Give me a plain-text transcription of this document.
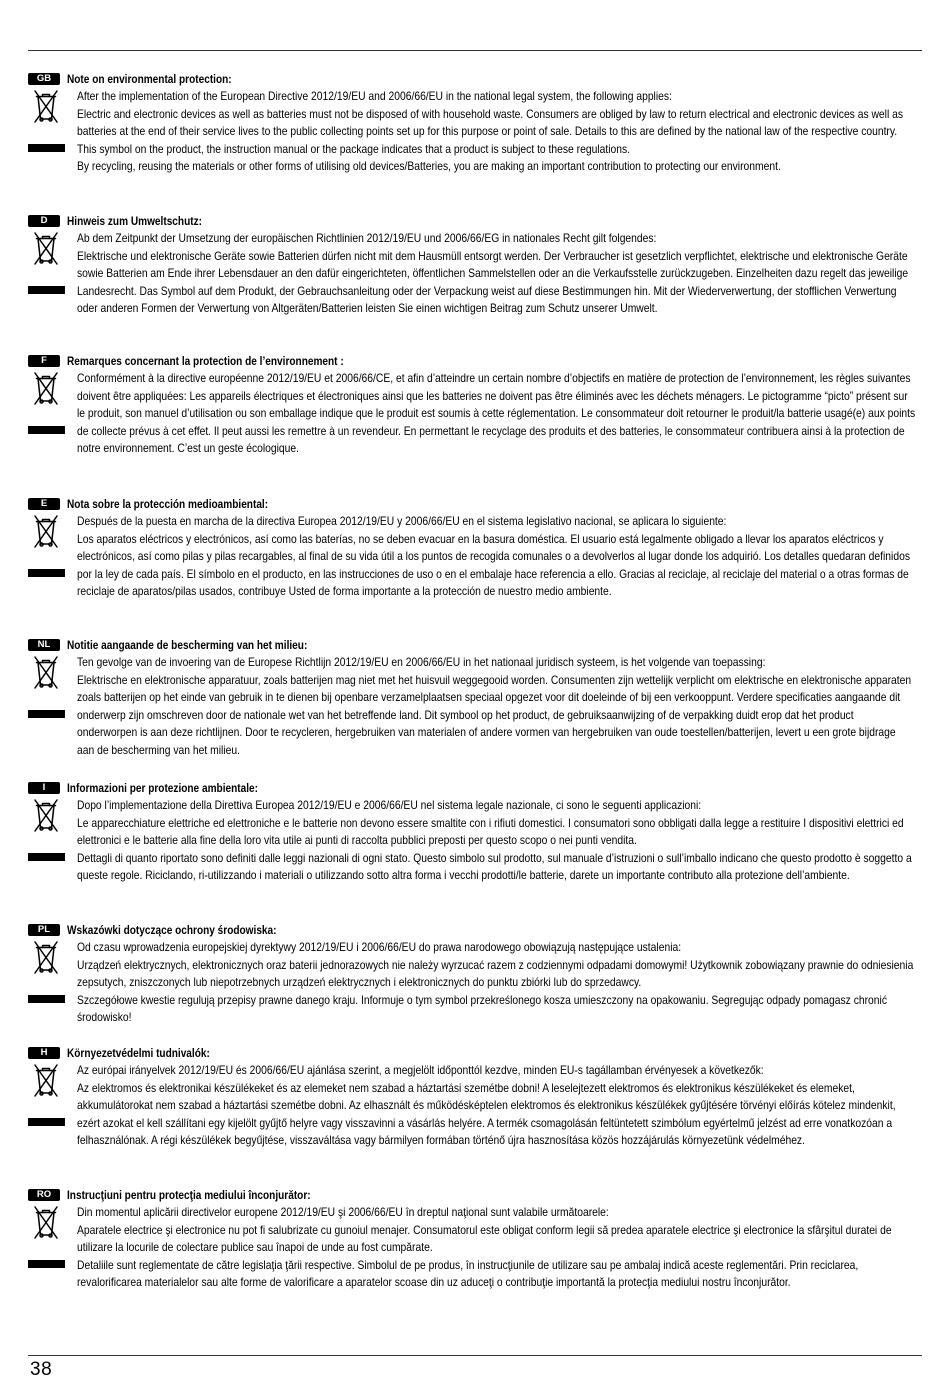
GB	Note on environmental protection:

After the implementation of the European Directive 2012/19/EU and 2006/66/EU in the national legal system, the following applies:

Electric and electronic devices as well as batteries must not be disposed of with household waste. Consumers are obliged by law to return electrical and electronic devices as well as batteries at the end of their service lives to the public collecting points set up for this purpose or point of sale. Details to this are defined by the national law of the respective country.

This symbol on the product, the instruction manual or the package indicates that a product is subject to these regulations.

By recycling, reusing the materials or other forms of utilising old devices/Batteries, you are making an important contribution to protecting our environment.

D	Hinweis zum Umweltschutz:

Ab dem Zeitpunkt der Umsetzung der europäischen Richtlinien 2012/19/EU und 2006/66/EG in nationales Recht gilt folgendes:

Elektrische und elektronische Geräte sowie Batterien dürfen nicht mit dem Hausmüll entsorgt werden. Der Verbraucher ist gesetzlich verpflichtet, elektrische und elektronische Geräte sowie Batterien am Ende ihrer Lebensdauer an den dafür eingerichteten, öffentlichen Sammelstellen oder an die Verkaufsstelle zurückzugeben. Einzelheiten dazu regelt das jeweilige Landesrecht. Das Symbol auf dem Produkt, der Gebrauchsanleitung oder der Verpackung weist auf diese Bestimmungen hin. Mit der Wiederverwertung, der stofflichen Verwertung oder anderen Formen der Verwertung von Altgeräten/Batterien leisten Sie einen wichtigen Beitrag zum Schutz unserer Umwelt.

F	Remarques concernant la protection de l’environnement :

Conformément à la directive européenne 2012/19/EU et 2006/66/CE, et afin d’atteindre un certain nombre d’objectifs en matière de protection de l’environnement, les règles suivantes doivent être appliquées: Les appareils électriques et électroniques ainsi que les batteries ne doivent pas être éliminés avec les déchets ménagers. Le pictogramme “picto” présent sur le produit, son manuel d’utilisation ou son emballage indique que le produit est soumis à cette réglementation. Le consommateur doit retourner le produit/la batterie usagé(e) aux points de collecte prévus à cet effet. Il peut aussi les remettre à un revendeur. En permettant le recyclage des produits et des batteries, le consommateur contribuera ainsi à la protection de notre environnement. C’est un geste écologique.

E	Nota sobre la protección medioambiental:

Después de la puesta en marcha de la directiva Europea 2012/19/EU y 2006/66/EU en el sistema legislativo nacional, se aplicara lo siguiente:

Los aparatos eléctricos y electrónicos, así como las baterías, no se deben evacuar en la basura doméstica. El usuario está legalmente obligado a llevar los aparatos eléctricos y electrónicos, así como pilas y pilas recargables, al final de su vida útil a los puntos de recogida comunales o a devolverlos al lugar donde los adquirió. Los detalles quedaran definidos por la ley de cada país. El símbolo en el producto, en las instrucciones de uso o en el embalaje hace referencia a ello. Gracias al reciclaje, al reciclaje del material o a otras formas de reciclaje de aparatos/pilas usados, contribuye Usted de forma importante a la protección de nuestro medio ambiente.

NL	Notitie aangaande de bescherming van het milieu:

Ten gevolge van de invoering van de Europese Richtlijn 2012/19/EU en 2006/66/EU in het nationaal juridisch systeem, is het volgende van toepassing:

Elektrische en elektronische apparatuur, zoals batterijen mag niet met het huisvuil weggegooid worden. Consumenten zijn wettelijk verplicht om elektrische en elektronische apparaten zoals batterijen op het einde van gebruik in te dienen bij openbare verzamelplaatsen speciaal opgezet voor dit doeleinde of bij een verkooppunt. Verdere specificaties aangaande dit onderwerp zijn omschreven door de nationale wet van het betreffende land. Dit symbool op het product, de gebruiksaanwijzing of de verpakking duidt erop dat het product onderworpen is aan deze richtlijnen. Door te recycleren, hergebruiken van materialen of andere vormen van hergebruiken van oude toestellen/batterijen, levert u een grote bijdrage aan de bescherming van het milieu.

I	Informazioni per protezione ambientale:

Dopo l’implementazione della Direttiva Europea 2012/19/EU e 2006/66/EU nel sistema legale nazionale, ci sono le seguenti applicazioni:

Le apparecchiature elettriche ed elettroniche e le batterie non devono essere smaltite con i rifiuti domestici. I consumatori sono obbligati dalla legge a restituire I dispositivi elettrici ed elettronici e le batterie alla fine della loro vita utile ai punti di raccolta pubblici preposti per questo scopo o nei punti vendita.

Dettagli di quanto riportato sono definiti dalle leggi nazionali di ogni stato. Questo simbolo sul prodotto, sul manuale d’istruzioni o sull’imballo indicano che questo prodotto è soggetto a queste regole. Riciclando, ri-utilizzando i materiali o utilizzando sotto altra forma i vecchi prodotti/le batterie, darete un importante contributo alla protezione dell’ambiente.

PL	Wskazówki dotyczące ochrony środowiska:

Od czasu wprowadzenia europejskiej dyrektywy 2012/19/EU i 2006/66/EU do prawa narodowego obowiązują następujące ustalenia:

Urządzeń elektrycznych, elektronicznych oraz baterii jednorazowych nie należy wyrzucać razem z codziennymi odpadami domowymi! Użytkownik zobowiązany prawnie do odniesienia zepsutych, zniszczonych lub niepotrzebnych urządzeń elektrycznych i elektronicznych do punktu zbiórki lub do sprzedawcy.

Szczegółowe kwestie regulują przepisy prawne danego kraju. Informuje o tym symbol przekreślonego kosza umieszczony na opakowaniu. Segregując odpady pomagasz chronić środowisko!

H	Környezetvédelmi tudnivalók:

Az európai irányelvek 2012/19/EU és 2006/66/EU ajánlása szerint, a megjelölt időponttól kezdve, minden EU-s tagállamban érvényesek a következők:

Az elektromos és elektronikai készülékeket és az elemeket nem szabad a háztartási szemétbe dobni! A leselejtezett elektromos és elektronikus készülékeket és elemeket, akkumulátorokat nem szabad a háztartási szemétbe dobni. Az elhasznált és működésképtelen elektromos és elektronikus készülékek gyűjtésére törvényi előírás kötelez mindenkit, ezért azokat el kell szállítani egy kijelölt gyűjtő helyre vagy visszavinni a vásárlás helyére. A termék csomagolásán feltüntetett szimbólum egyértelmű jelzést ad erre vonatkozóan a felhasználónak. A régi készülékek begyűjtése, visszaváltása vagy bármilyen formában történő újra hasznosítása közös hozzájárulás környezetünk védelméhez.

RO	Instrucţiuni pentru protecţia mediului înconjurător:

Din momentul aplicării directivelor europene 2012/19/EU şi 2006/66/EU în dreptul naţional sunt valabile următoarele:

Aparatele electrice şi electronice nu pot fi salubrizate cu gunoiul menajer. Consumatorul este obligat conform legii să predea aparatele electrice şi electronice la sfârşitul duratei de utilizare la locurile de colectare publice sau înapoi de unde au fost cumpărate.

Detaliile sunt reglementate de către legislaţia ţării respective. Simbolul de pe produs, în instrucţiunile de utilizare sau pe ambalaj indică aceste reglementări. Prin reciclarea, revalorificarea materialelor sau alte forme de valorificare a aparatelor scoase din uz aduceţi o contribuţie importantă la protecţia mediului nostru înconjurător.

38
